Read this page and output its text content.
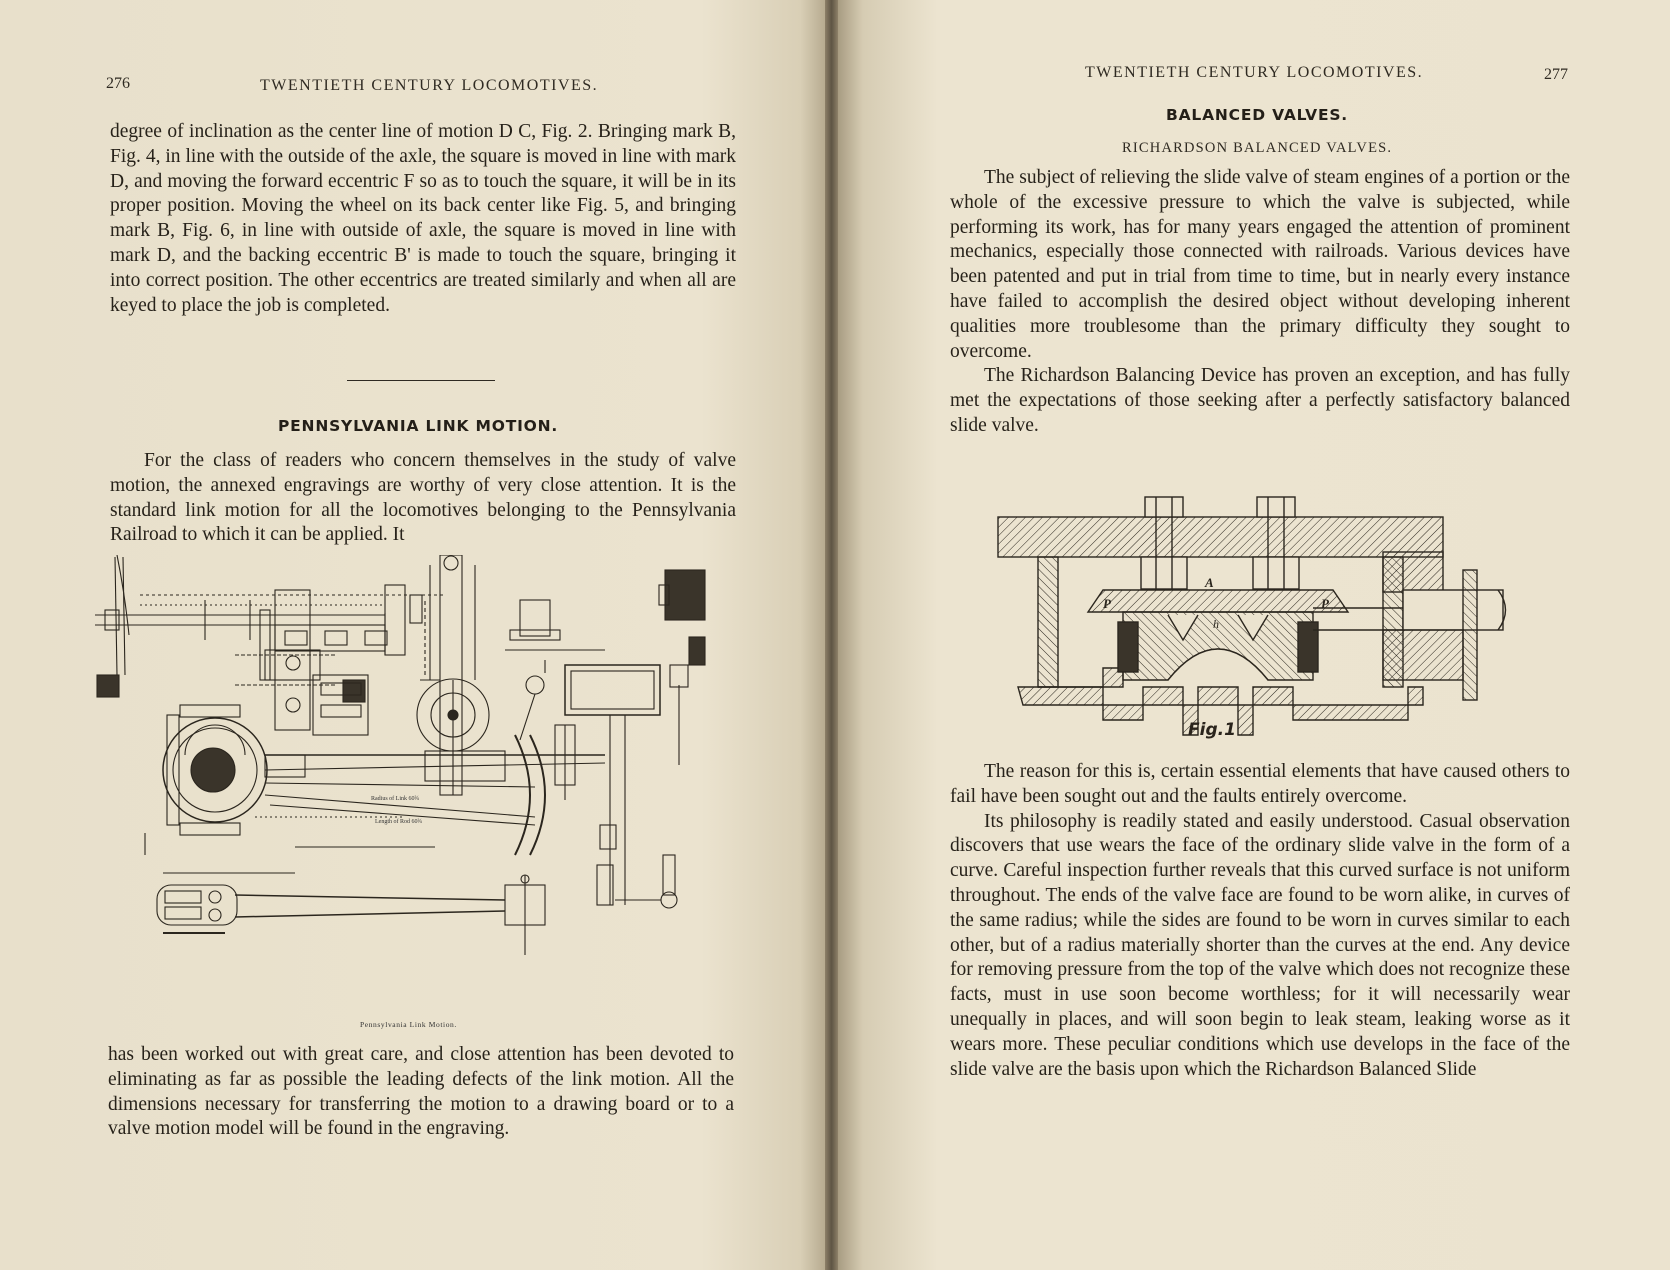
276	TWENTIETH CENTURY LOCOMOTIVES.

degree of inclination as the center line of motion D C, Fig. 2. Bringing mark B, Fig. 4, in line with the outside of the axle, the square is moved in line with mark D, and moving the forward eccentric F so as to touch the square, it will be in its proper position. Moving the wheel on its back center like Fig. 5, and bringing mark B, Fig. 6, in line with outside of axle, the square is moved in line with mark D, and the backing eccentric B' is made to touch the square, bringing it into correct position. The other eccentrics are treated similarly and when all are keyed to place the job is completed.

PENNSYLVANIA LINK MOTION.

For the class of readers who concern themselves in the study of valve motion, the annexed engravings are worthy of very close attention. It is the standard link motion for all the locomotives belonging to the Pennsylvania Railroad to which it can be applied. It

Radius of Link 60¾
Length of Rod 60¾
Pennsylvania Link Motion.

has been worked out with great care, and close attention has been devoted to eliminating as far as possible the leading defects of the link motion. All the dimensions necessary for transferring the motion to a drawing board or to a valve motion model will be found in the engraving.

TWENTIETH CENTURY LOCOMOTIVES.	277
BALANCED VALVES.
RICHARDSON BALANCED VALVES.

The subject of relieving the slide valve of steam engines of a portion or the whole of the excessive pressure to which the valve is subjected, while performing its work, has for many years engaged the attention of prominent mechanics, especially those connected with railroads. Various devices have been patented and put in trial from time to time, but in nearly every instance have failed to accomplish the desired object without developing inherent qualities more troublesome than the primary difficulty they sought to overcome.

The Richardson Balancing Device has proven an exception, and has fully met the expectations of those seeking after a perfectly satisfactory balanced slide valve.

A
P	P
h
Fig.1

The reason for this is, certain essential elements that have caused others to fail have been sought out and the faults entirely overcome.

Its philosophy is readily stated and easily understood. Casual observation discovers that use wears the face of the ordinary slide valve in the form of a curve. Careful inspection further reveals that this curved surface is not uniform throughout. The ends of the valve face are found to be worn alike, in curves of the same radius; while the sides are found to be worn in curves similar to each other, but of a radius materially shorter than the curves at the end. Any device for removing pressure from the top of the valve which does not recognize these facts, must in use soon become worthless; for it will necessarily wear unequally in places, and will soon begin to leak steam, leaking worse as it wears more. These peculiar conditions which use develops in the face of the slide valve are the basis upon which the Richardson Balanced Slide
